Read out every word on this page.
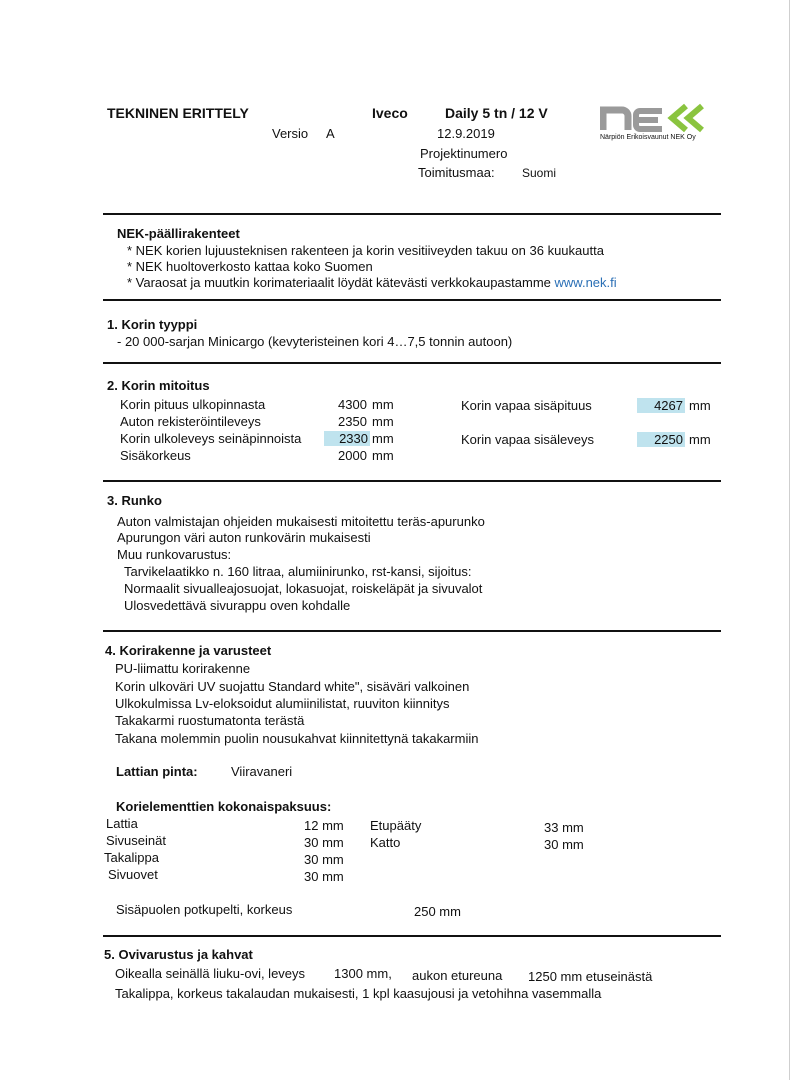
TEKNINEN ERITTELY	Iveco	Daily 5 tn / 12 V
Versio A	12.9.2019
Projektinumero
Toimitusmaa: Suomi
Närpiön Erikoisvaunut NEK Oy
NEK-päällirakenteet
* NEK korien lujuusteknisen rakenteen ja korin vesitiiveyden takuu on 36 kuukautta
* NEK huoltoverkosto kattaa koko Suomen
* Varaosat ja muutkin korimateriaalit löydät kätevästi verkkokaupastamme www.nek.fi
1. Korin tyyppi
- 20 000-sarjan Minicargo (kevyteristeinen kori 4…7,5 tonnin autoon)
2. Korin mitoitus
Korin pituus ulkopinnasta	4300 mm
Auton rekisteröintileveys	2350 mm
Korin ulkoleveys seinäpinnoista	2330 mm
Sisäkorkeus	2000 mm
Korin vapaa sisäpituus	4267 mm
Korin vapaa sisäleveys	2250 mm
3. Runko
Auton valmistajan ohjeiden mukaisesti mitoitettu teräs-apurunko
Apurungon väri auton runkovärin mukaisesti
Muu runkovarustus:
Tarvikelaatikko n. 160 litraa, alumiinirunko, rst-kansi, sijoitus:
Normaalit sivualleajosuojat, lokasuojat, roiskeläpät ja sivuvalot
Ulosvedettävä sivurappu oven kohdalle
4. Korirakenne ja varusteet
PU-liimattu korirakenne
Korin ulkoväri UV suojattu Standard white", sisäväri valkoinen
Ulkokulmissa Lv-eloksoidut alumiinilistat, ruuviton kiinnitys
Takakarmi ruostumatonta terästä
Takana molemmin puolin nousukahvat kiinnitettynä takakarmiin
Lattian pinta:	Viiravaneri
Korielementtien kokonaispaksuus:
Lattia	12 mm
Sivuseinät	30 mm
Takalippa	30 mm
Sivuovet	30 mm
Etupääty	33 mm
Katto	30 mm
Sisäpuolen potkupelti, korkeus	250 mm
5. Ovivarustus ja kahvat
Oikealla seinällä liuku-ovi, leveys 1300 mm, aukon etureuna 1250 mm etuseinästä
Takalippa, korkeus takalaudan mukaisesti, 1 kpl kaasujousi ja vetohihna vasemmalla
